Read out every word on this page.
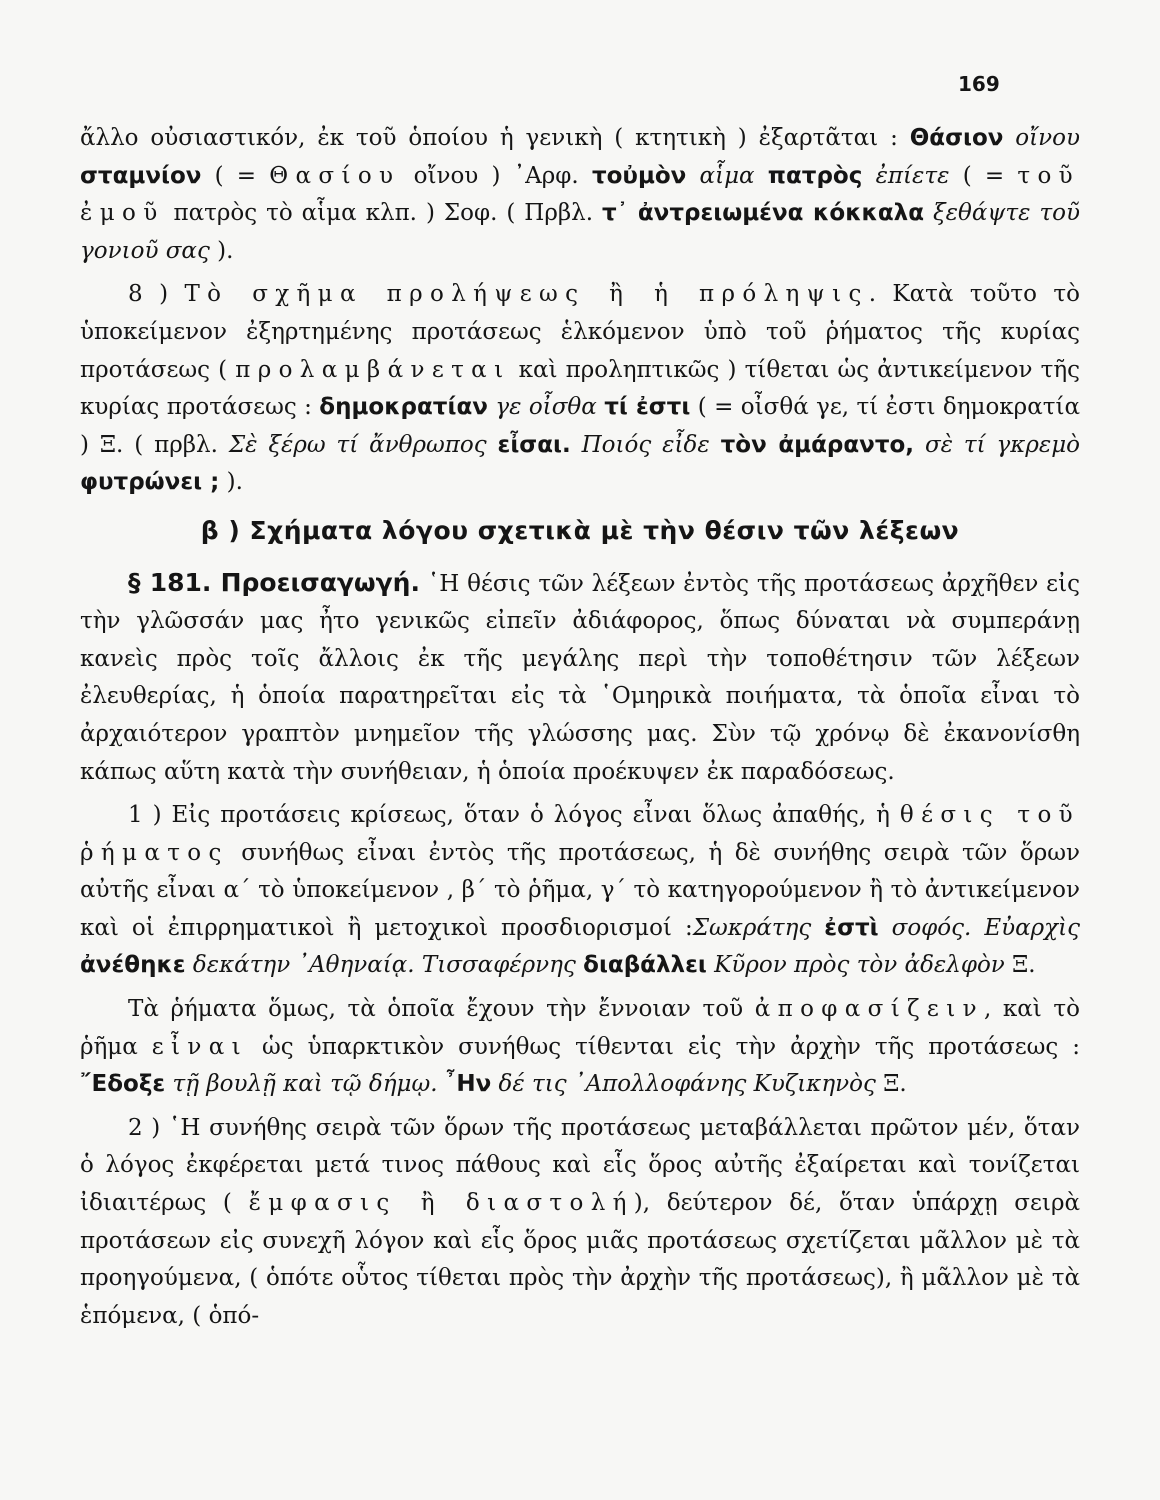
169

ἄλλο οὐσιαστικόν, ἐκ τοῦ ὁποίου ἡ γενικὴ ( κτητικὴ ) ἐξαρτᾶται : Θάσιον οἴνου σταμνίον ( = Θασίου οἴνου ) ᾿Αρφ. τοὐμὸν αἷμα πατρὸς ἐπίετε ( = τοῦ ἐμοῦ πατρὸς τὸ αἷμα κλπ. ) Σοφ. ( Πρβλ. τ᾿ ἀντρειωμένα κόκκαλα ξεθάψτε τοῦ γονιοῦ σας ).

8 ) Τὸ σχῆμα προλήψεως ἢ ἡ πρόληψις. Κατὰ τοῦτο τὸ ὑποκείμενον ἐξηρτημένης προτάσεως ἑλκόμενον ὑπὸ τοῦ ῥήματος τῆς κυρίας προτάσεως ( προλαμβάνεται καὶ προληπτικῶς ) τίθεται ὡς ἀντικείμενον τῆς κυρίας προτάσεως : δημοκρατίαν γε οἶσθα τί ἐστι ( = οἶσθά γε, τί ἐστι δημοκρατία ) Ξ. ( πρβλ. Σὲ ξέρω τί ἄνθρωπος εἶσαι. Ποιός εἶδε τὸν ἀμάραντο, σὲ τί γκρεμὸ φυτρώνει ; ).

β ) Σχήματα λόγου σχετικὰ μὲ τὴν θέσιν τῶν λέξεων

§ 181. Προεισαγωγή. ῾Η θέσις τῶν λέξεων ἐντὸς τῆς προτάσεως ἀρχῆθεν εἰς τὴν γλῶσσάν μας ἦτο γενικῶς εἰπεῖν ἀδιάφορος, ὅπως δύναται νὰ συμπεράνῃ κανεὶς πρὸς τοῖς ἄλλοις ἐκ τῆς μεγάλης περὶ τὴν τοποθέτησιν τῶν λέξεων ἐλευθερίας, ἡ ὁποία παρατηρεῖται εἰς τὰ ῾Ομηρικὰ ποιήματα, τὰ ὁποῖα εἶναι τὸ ἀρχαιότερον γραπτὸν μνημεῖον τῆς γλώσσης μας. Σὺν τῷ χρόνῳ δὲ ἐκανονίσθη κάπως αὕτη κατὰ τὴν συνήθειαν, ἡ ὁποία προέκυψεν ἐκ παραδόσεως.

1 ) Εἰς προτάσεις κρίσεως, ὅταν ὁ λόγος εἶναι ὅλως ἀπαθής, ἡ θέσις τοῦ ῥήματος συνήθως εἶναι ἐντὸς τῆς προτάσεως, ἡ δὲ συνήθης σειρὰ τῶν ὅρων αὐτῆς εἶναι α΄ τὸ ὑποκείμενον , β΄ τὸ ῥῆμα, γ΄ τὸ κατηγορούμενον ἢ τὸ ἀντικείμενον καὶ οἱ ἐπιρρηματικοὶ ἢ μετοχικοὶ προσδιορισμοί :Σωκράτης ἐστὶ σοφός. Εὐαρχὶς ἀνέθηκε δεκάτην ᾿Αθηναίᾳ. Τισσαφέρνης διαβάλλει Κῦρον πρὸς τὸν ἀδελφὸν Ξ.

Τὰ ῥήματα ὅμως, τὰ ὁποῖα ἔχουν τὴν ἔννοιαν τοῦ ἀποφασίζειν, καὶ τὸ ῥῆμα εἶναι ὡς ὑπαρκτικὸν συνήθως τίθενται εἰς τὴν ἀρχὴν τῆς προτάσεως : ῎Εδοξε τῇ βουλῇ καὶ τῷ δήμῳ. ῏Ην δέ τις ᾿Απολλοφάνης Κυζικηνὸς Ξ.

2 ) ῾Η συνήθης σειρὰ τῶν ὅρων τῆς προτάσεως μεταβάλλεται πρῶτον μέν, ὅταν ὁ λόγος ἐκφέρεται μετά τινος πάθους καὶ εἷς ὅρος αὐτῆς ἐξαίρεται καὶ τονίζεται ἰδιαιτέρως ( ἔμφασις ἢ διαστολή), δεύτερον δέ, ὅταν ὑπάρχῃ σειρὰ προτάσεων εἰς συνεχῆ λόγον καὶ εἷς ὅρος μιᾶς προτάσεως σχετίζεται μᾶλλον μὲ τὰ προηγούμενα, ( ὁπότε οὗτος τίθεται πρὸς τὴν ἀρχὴν τῆς προτάσεως), ἢ μᾶλλον μὲ τὰ ἑπόμενα, ( ὁπό-
